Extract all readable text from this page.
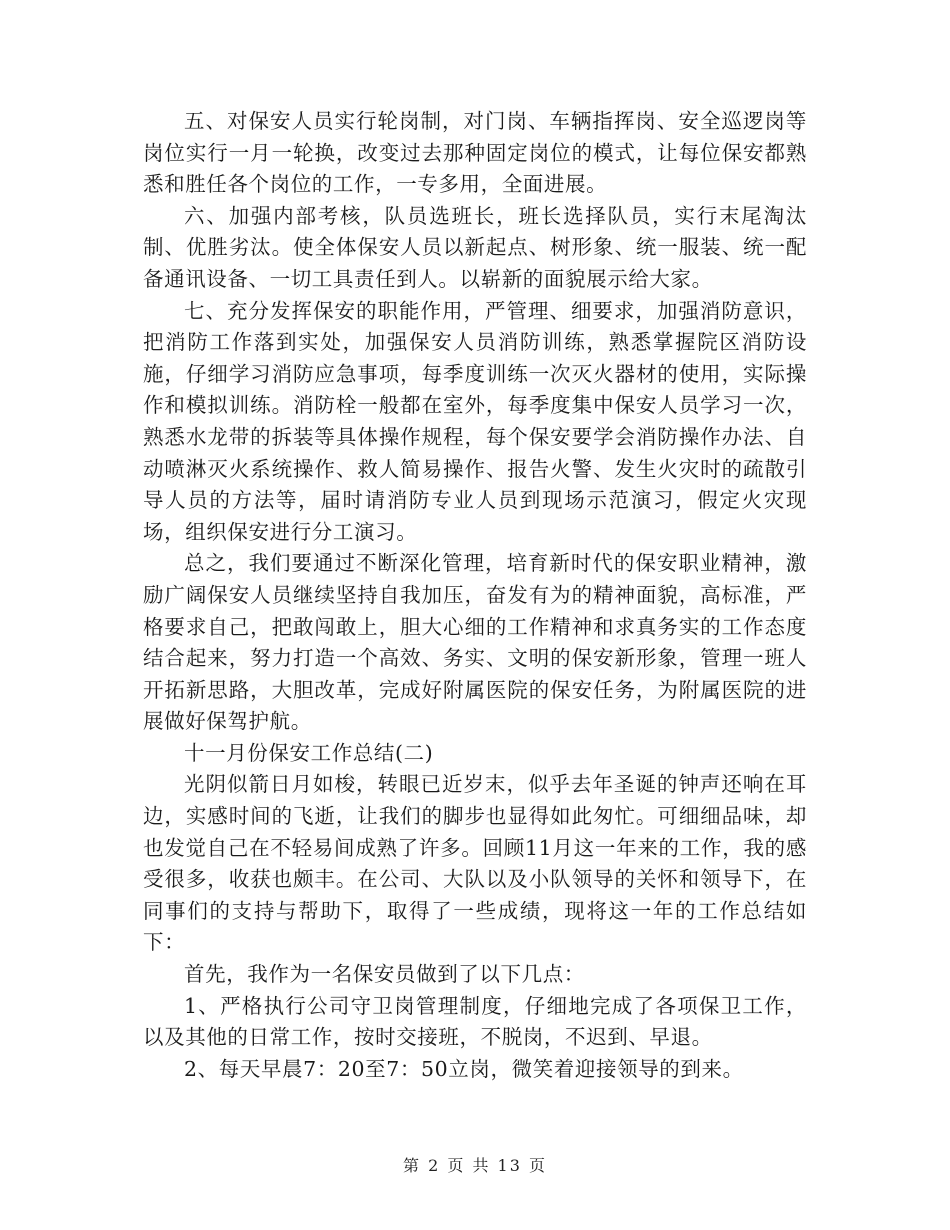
五、对保安人员实行轮岗制，对门岗、车辆指挥岗、安全巡逻岗等岗位实行一月一轮换，改变过去那种固定岗位的模式，让每位保安都熟悉和胜任各个岗位的工作，一专多用，全面进展。

六、加强内部考核，队员选班长，班长选择队员，实行末尾淘汰制、优胜劣汰。使全体保安人员以新起点、树形象、统一服装、统一配备通讯设备、一切工具责任到人。以崭新的面貌展示给大家。

七、充分发挥保安的职能作用，严管理、细要求，加强消防意识，把消防工作落到实处，加强保安人员消防训练，熟悉掌握院区消防设施，仔细学习消防应急事项，每季度训练一次灭火器材的使用，实际操作和模拟训练。消防栓一般都在室外，每季度集中保安人员学习一次，熟悉水龙带的拆装等具体操作规程，每个保安要学会消防操作办法、自动喷淋灭火系统操作、救人简易操作、报告火警、发生火灾时的疏散引导人员的方法等，届时请消防专业人员到现场示范演习，假定火灾现场，组织保安进行分工演习。

总之，我们要通过不断深化管理，培育新时代的保安职业精神，激励广阔保安人员继续坚持自我加压，奋发有为的精神面貌，高标准，严格要求自己，把敢闯敢上，胆大心细的工作精神和求真务实的工作态度结合起来，努力打造一个高效、务实、文明的保安新形象，管理一班人开拓新思路，大胆改革，完成好附属医院的保安任务，为附属医院的进展做好保驾护航。

十一月份保安工作总结(二)

光阴似箭日月如梭，转眼已近岁末，似乎去年圣诞的钟声还响在耳边，实感时间的飞逝，让我们的脚步也显得如此匆忙。可细细品味，却也发觉自己在不轻易间成熟了许多。回顾11月这一年来的工作，我的感受很多，收获也颇丰。在公司、大队以及小队领导的关怀和领导下，在同事们的支持与帮助下，取得了一些成绩，现将这一年的工作总结如下：

首先，我作为一名保安员做到了以下几点：

1、严格执行公司守卫岗管理制度，仔细地完成了各项保卫工作，以及其他的日常工作，按时交接班，不脱岗，不迟到、早退。

2、每天早晨7：20至7：50立岗，微笑着迎接领导的到来。

第 2 页 共 13 页
